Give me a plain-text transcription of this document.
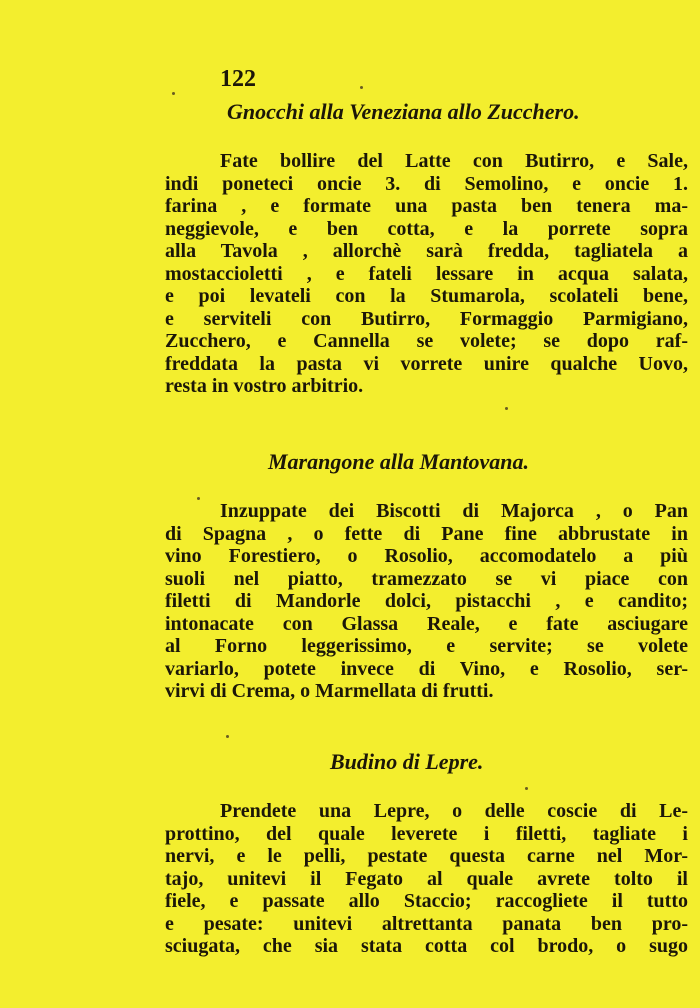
122
Gnocchi alla Veneziana allo Zucchero.
Fate bollire del Latte con Butirro, e Sale,
indi poneteci oncie 3. di Semolino, e oncie 1.
farina , e formate una pasta ben tenera ma-
neggievole, e ben cotta, e la porrete sopra
alla Tavola , allorchè sarà fredda, tagliatela a
mostaccioletti , e fateli lessare in acqua salata,
e poi levateli con la Stumarola, scolateli bene,
e serviteli con Butirro, Formaggio Parmigiano,
Zucchero, e Cannella se volete; se dopo raf-
freddata la pasta vi vorrete unire qualche Uovo,
resta in vostro arbitrio.
Marangone alla Mantovana.
Inzuppate dei Biscotti di Majorca , o Pan
di Spagna , o fette di Pane fine abbrustate in
vino Forestiero, o Rosolio, accomodatelo a più
suoli nel piatto, tramezzato se vi piace con
filetti di Mandorle dolci, pistacchi , e candito;
intonacate con Glassa Reale, e fate asciugare
al Forno leggerissimo, e servite; se volete
variarlo, potete invece di Vino, e Rosolio, ser-
virvi di Crema, o Marmellata di frutti.
Budino di Lepre.
Prendete una Lepre, o delle coscie di Le-
prottino, del quale leverete i filetti, tagliate i
nervi, e le pelli, pestate questa carne nel Mor-
tajo, unitevi il Fegato al quale avrete tolto il
fiele, e passate allo Staccio; raccogliete il tutto
e pesate: unitevi altrettanta panata ben pro-
sciugata, che sia stata cotta col brodo, o sugo
